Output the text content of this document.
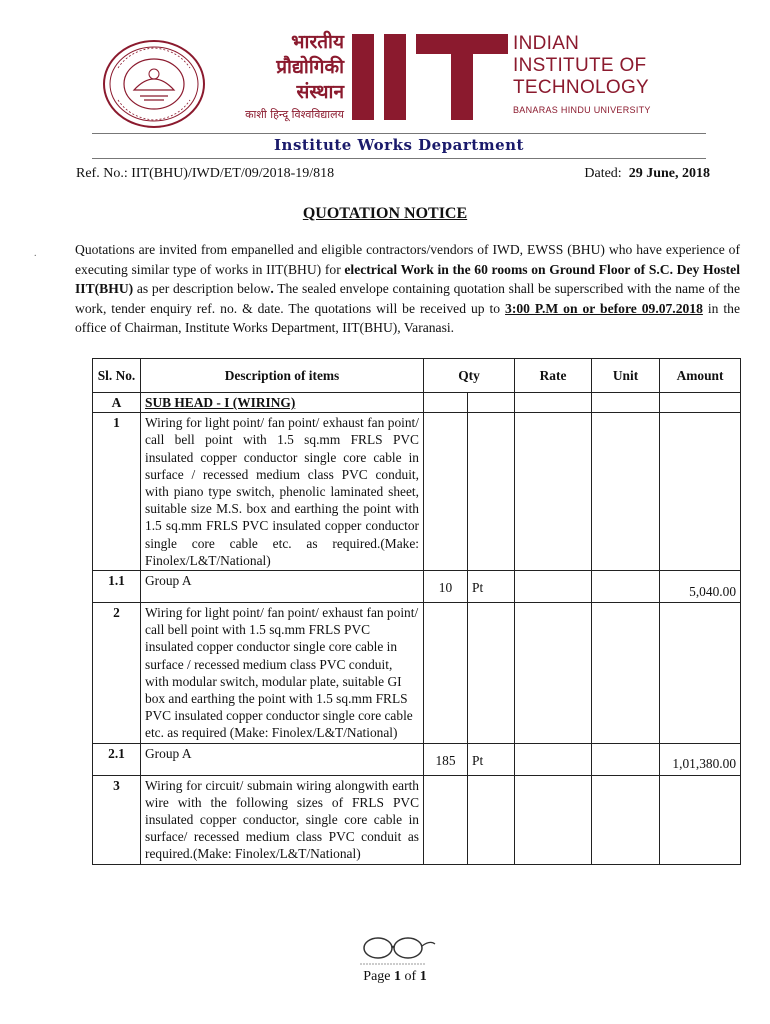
भारतीय
प्रौद्योगिकी
संस्थान
काशी हिन्दू विश्वविद्यालय
INDIAN
INSTITUTE OF
TECHNOLOGY
BANARAS HINDU UNIVERSITY
Institute Works Department
Ref. No.: IIT(BHU)/IWD/ET/09/2018-19/818	Dated: 29 June, 2018
QUOTATION NOTICE
.	Quotations are invited from empanelled and eligible contractors/vendors of IWD, EWSS (BHU) who have experience of executing similar type of works in IIT(BHU) for electrical Work in the 60 rooms on Ground Floor of S.C. Dey Hostel IIT(BHU) as per description below. The sealed envelope containing quotation shall be superscribed with the name of the work, tender enquiry ref. no. & date. The quotations will be received up to 3:00 P.M on or before 09.07.2018 in the office of Chairman, Institute Works Department, IIT(BHU), Varanasi.
Sl. No.	Description of items	Qty		Rate	Unit	Amount
A	SUB HEAD - I (WIRING)					
1	Wiring for light point/ fan point/ exhaust fan point/ call bell point with 1.5 sq.mm FRLS PVC insulated copper conductor single core cable in surface / recessed medium class PVC conduit, with piano type switch, phenolic laminated sheet, suitable size M.S. box and earthing the point with 1.5 sq.mm FRLS PVC insulated copper conductor single core cable etc. as required.(Make: Finolex/L&T/National)					
1.1	Group A	10	Pt			5,040.00
2	Wiring for light point/ fan point/ exhaust fan point/ call bell point with 1.5 sq.mm FRLS PVC insulated copper conductor single core cable in surface / recessed medium class PVC conduit, with modular switch, modular plate, suitable GI box and earthing the point with 1.5 sq.mm FRLS PVC insulated copper conductor single core cable etc. as required (Make: Finolex/L&T/National)					
2.1	Group A	185	Pt			1,01,380.00
3	Wiring for circuit/ submain wiring alongwith earth wire with the following sizes of FRLS PVC insulated copper conductor, single core cable in surface/ recessed medium class PVC conduit as required.(Make: Finolex/L&T/National)					
Page 1 of 1
